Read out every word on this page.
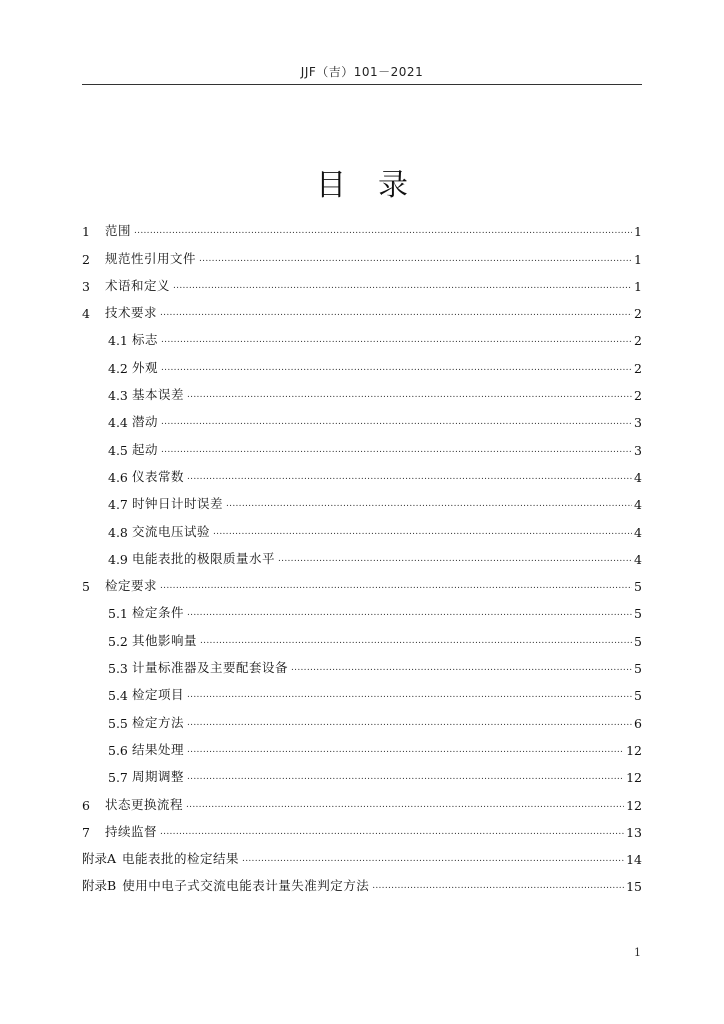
JJF（吉）101－2021
目录
1	范围 .....	1
2	规范性引用文件 .....	1
3	术语和定义 .....	1
4	技术要求 .....	2
4.1 标志 .....	2
4.2 外观 .....	2
4.3 基本误差 .....	2
4.4 潜动 .....	3
4.5 起动 .....	3
4.6 仪表常数 .....	4
4.7 时钟日计时误差 .....	4
4.8 交流电压试验 .....	4
4.9 电能表批的极限质量水平 .....	4
5	检定要求 .....	5
5.1 检定条件 .....	5
5.2 其他影响量 .....	5
5.3 计量标准器及主要配套设备 .....	5
5.4 检定项目 .....	5
5.5 检定方法 .....	6
5.6 结果处理 .....	12
5.7 周期调整 .....	12
6	状态更换流程 .....	12
7	持续监督 .....	13
附录A 电能表批的检定结果 .....	14
附录B 使用中电子式交流电能表计量失准判定方法 .....	15
1
